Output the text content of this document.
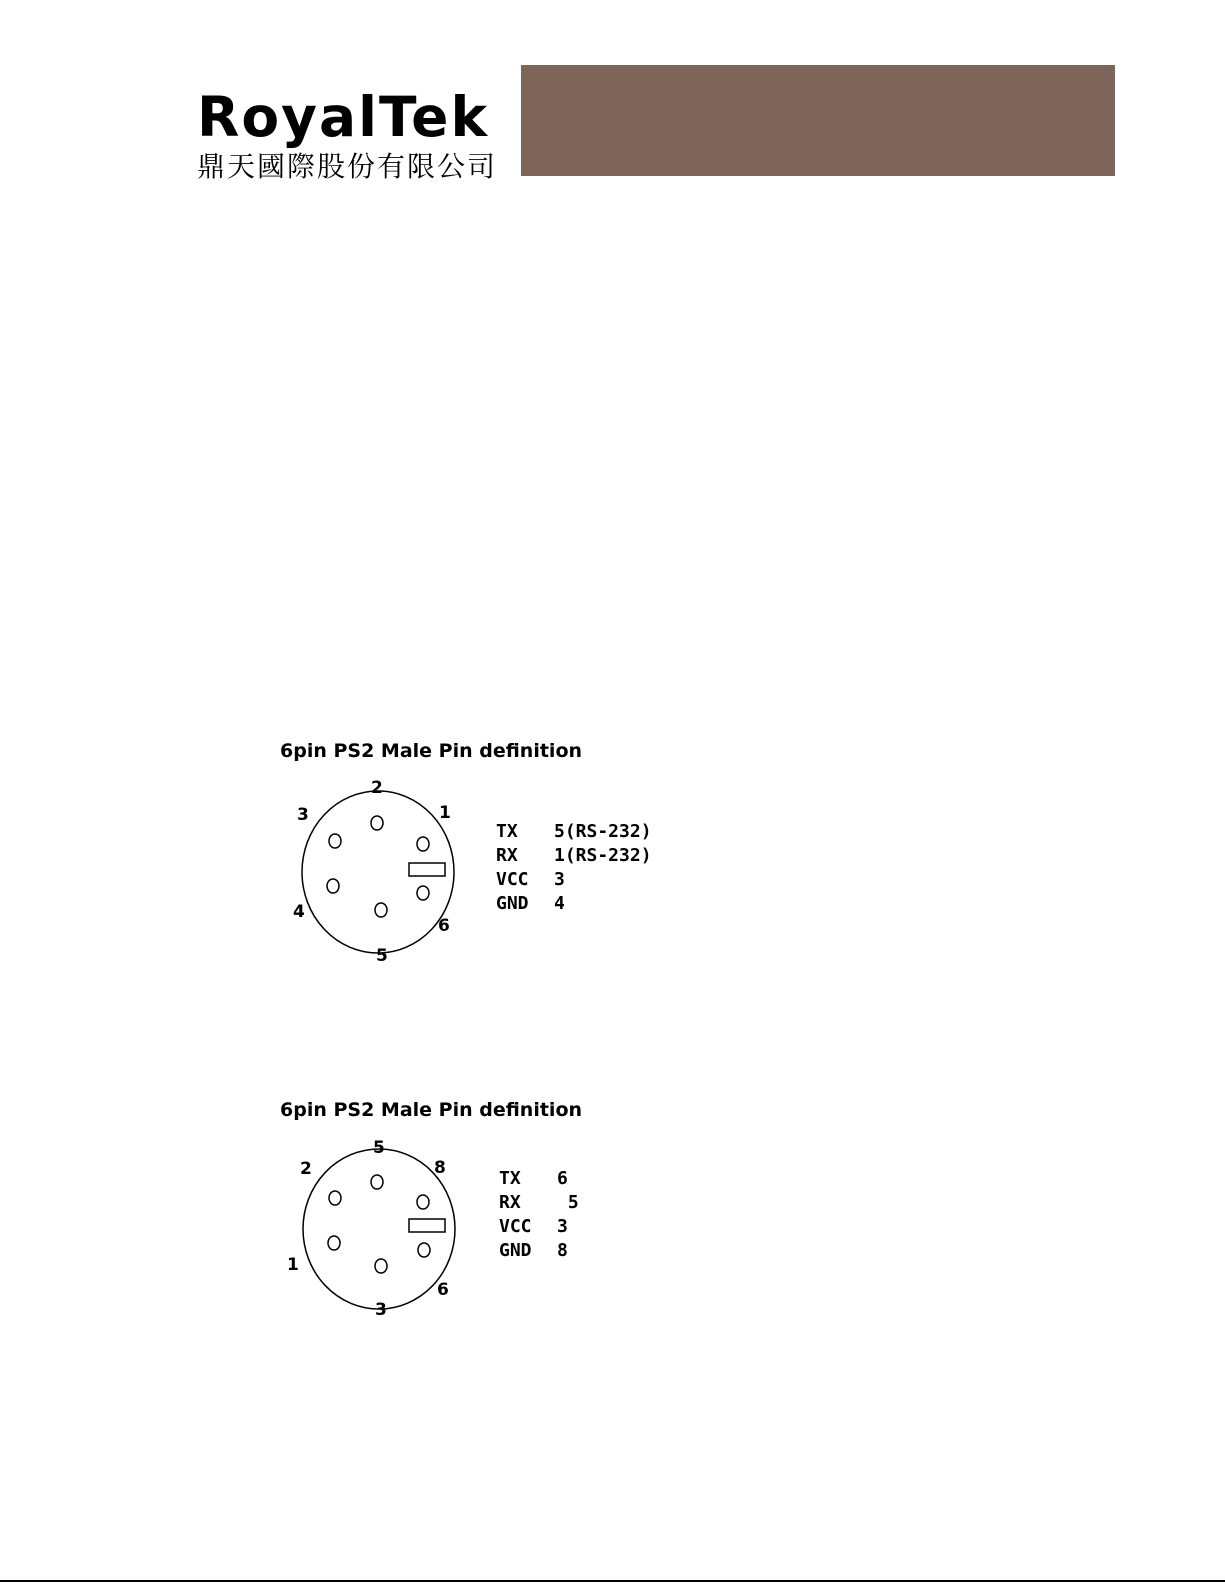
RoyalTek
鼎天國際股份有限公司
6pin PS2 Male Pin definition
2
3	1
4
6
5
TX	5(RS-232)
RX	1(RS-232)
VCC	3
GND	4
6pin PS2 Male Pin definition
5
2	8
1
6
3
TX	6
RX	5
VCC	3
GND	8
